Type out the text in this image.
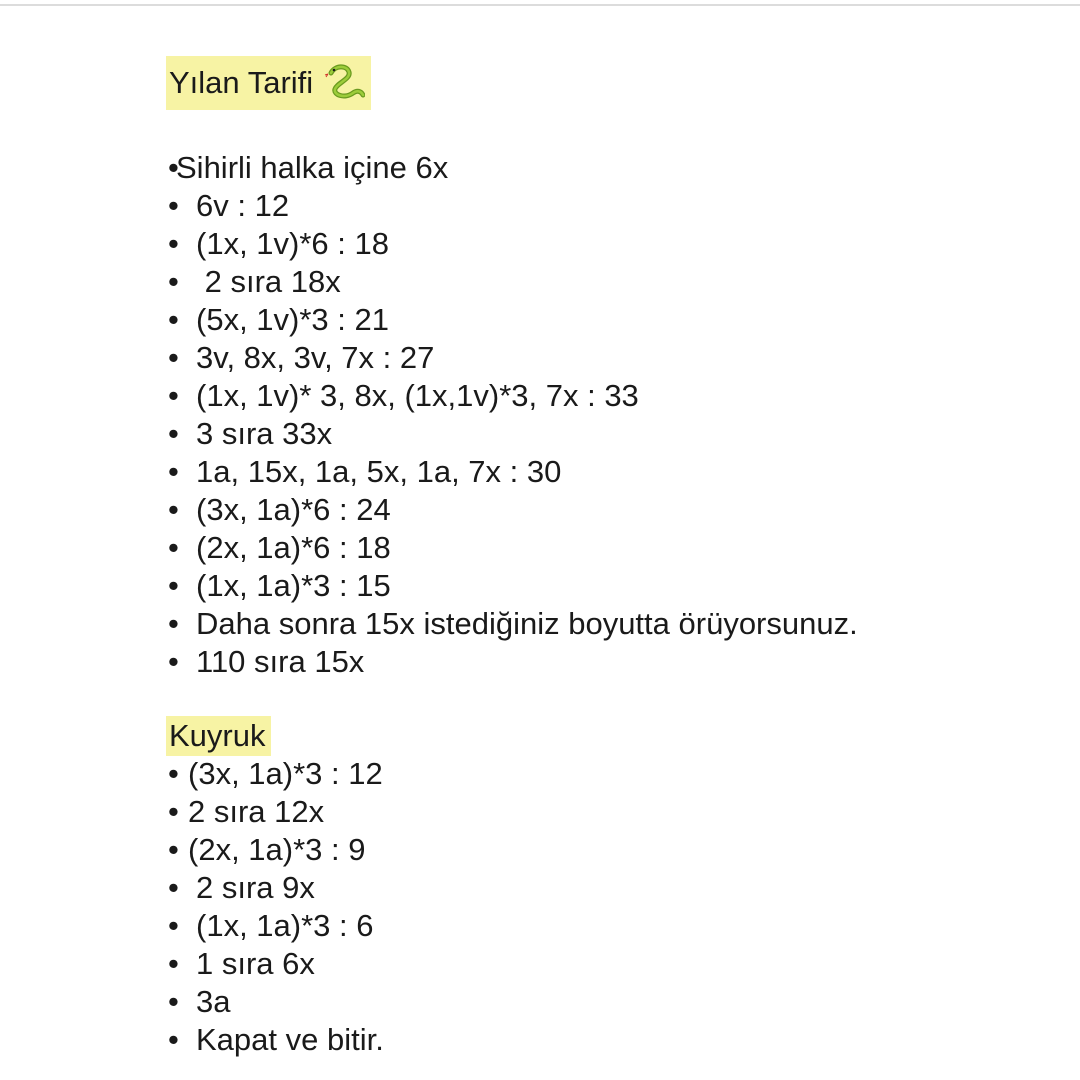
Yılan Tarifi
•
Sihirli halka içine 6x
• 6v : 12
• (1x, 1v)*6 : 18
• 2 sıra 18x
• (5x, 1v)*3 : 21
• 3v, 8x, 3v, 7x : 27
• (1x, 1v)* 3, 8x, (1x,1v)*3, 7x : 33
• 3 sıra 33x
• 1a, 15x, 1a, 5x, 1a, 7x : 30
• (3x, 1a)*6 : 24
• (2x, 1a)*6 : 18
• (1x, 1a)*3 : 15
• Daha sonra 15x istediğiniz boyutta örüyorsunuz.
• 110 sıra 15x
Kuyruk
• (3x, 1a)*3 : 12
• 2 sıra 12x
• (2x, 1a)*3 : 9
• 2 sıra 9x
• (1x, 1a)*3 : 6
• 1 sıra 6x
• 3a
• Kapat ve bitir.
